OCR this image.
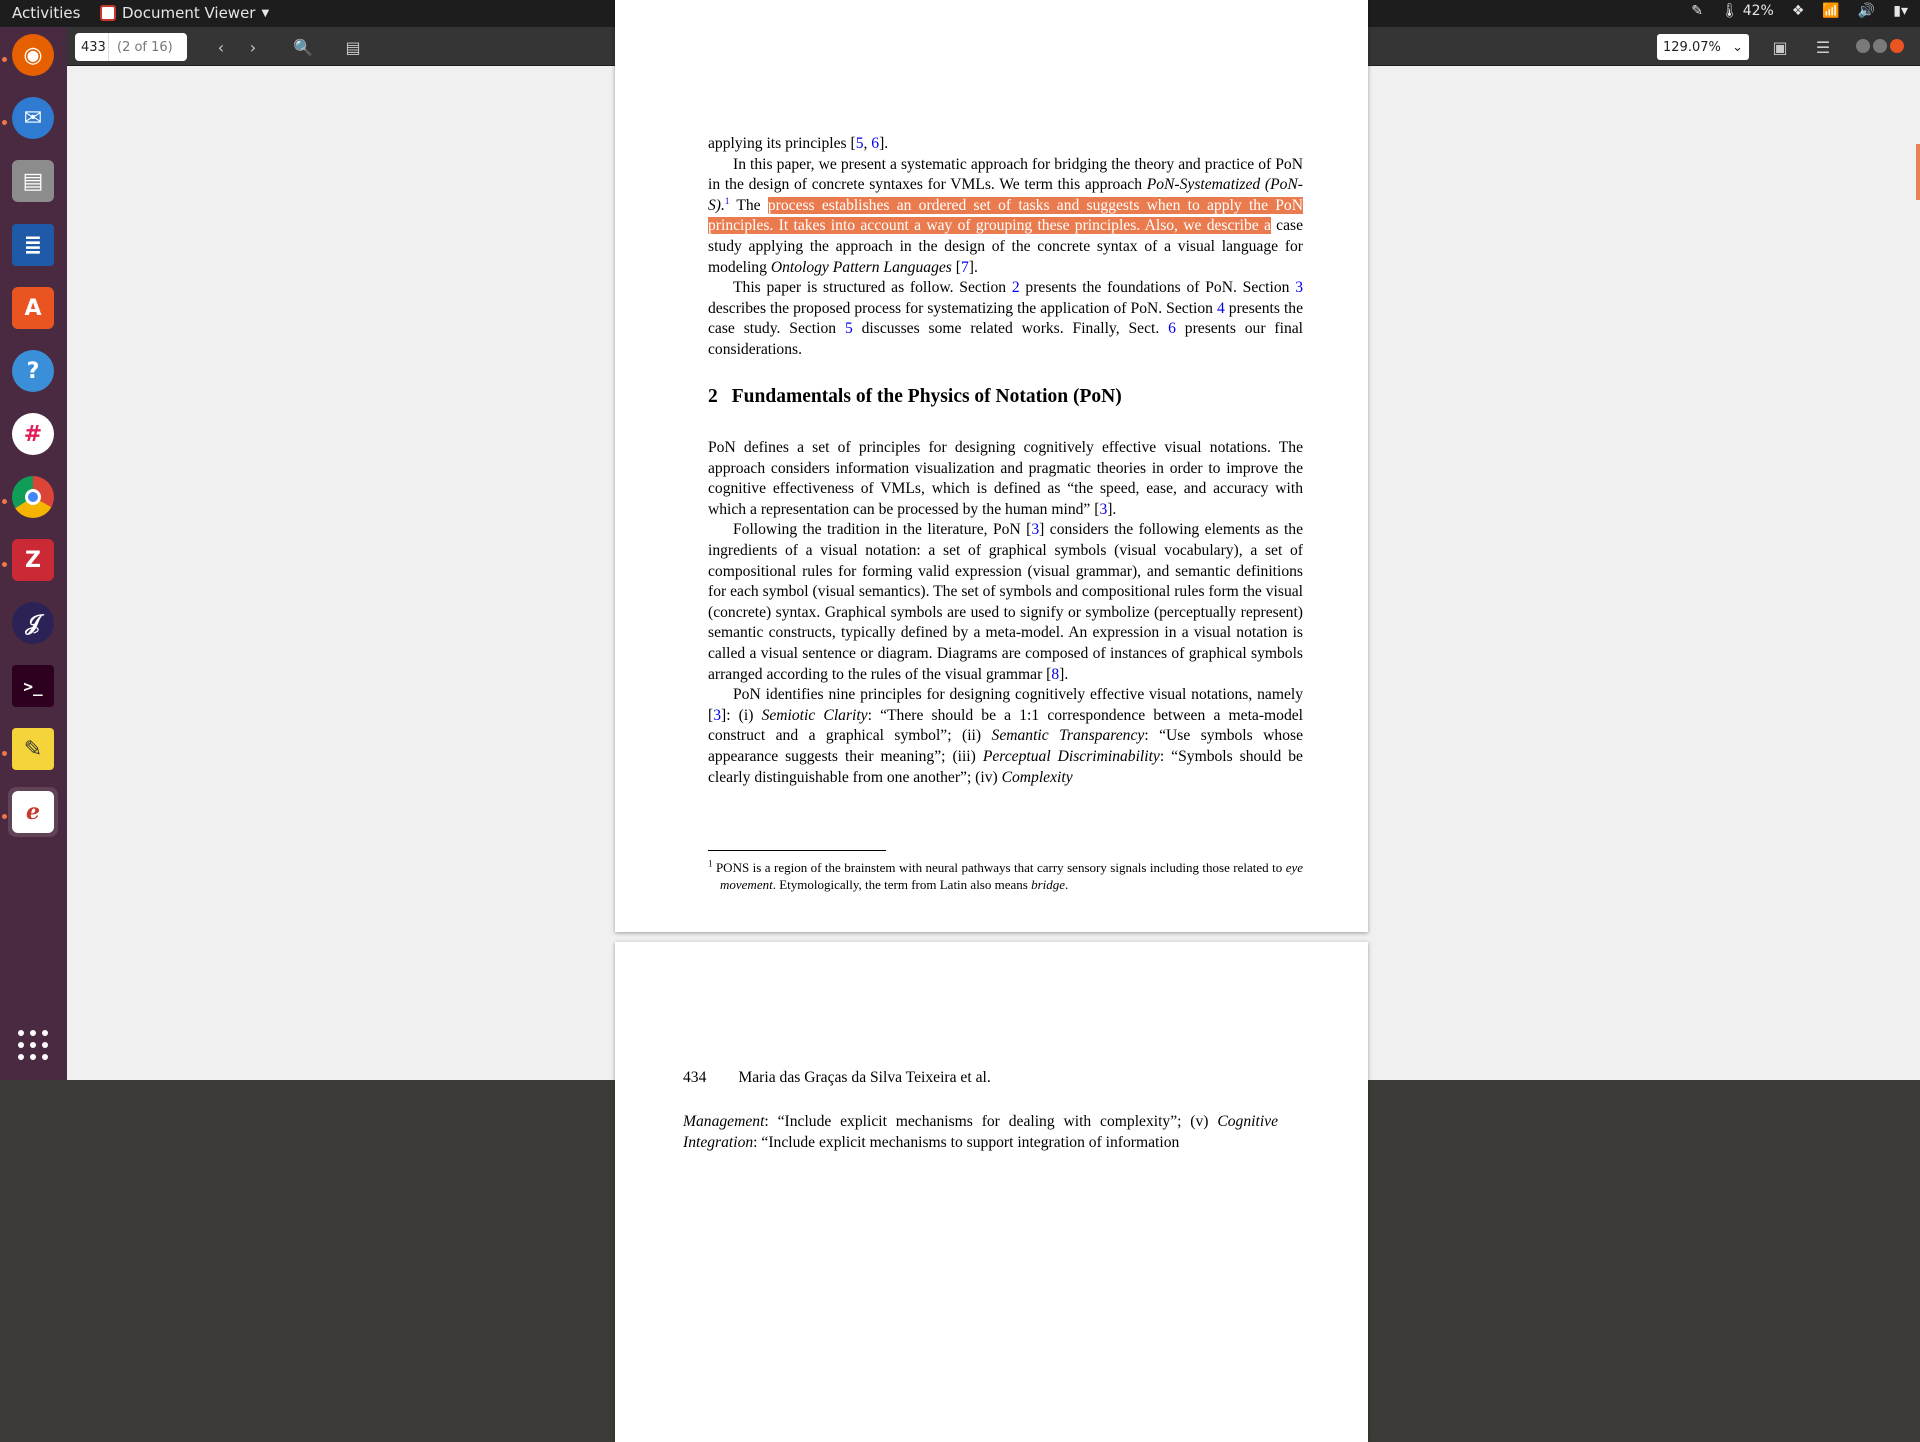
Activities	Document Viewer ▼	✎ 🌡 42% ❖ 📶 🔊 ▮▾
◉
✉
▤
≣
A
?
#
Z
𝒥
>_
✎
ℯ
433 (2 of 16)	‹ › 🔍 ▤	129.07% ⌄ ▣ ☰

applying its principles [5, 6].

In this paper, we present a systematic approach for bridging the theory and practice of PoN in the design of concrete syntaxes for VMLs. We term this approach PoN-Systematized (PoN-S).$^1$ The process establishes an ordered set of tasks and suggests when to apply the PoN principles. It takes into account a way of grouping these principles. Also, we describe a case study applying the approach in the design of the concrete syntax of a visual language for modeling Ontology Pattern Languages [7].

This paper is structured as follow. Section 2 presents the foundations of PoN. Section 3 describes the proposed process for systematizing the application of PoN. Section 4 presents the case study. Section 5 discusses some related works. Finally, Sect. 6 presents our final considerations.

2 Fundamentals of the Physics of Notation (PoN)

PoN defines a set of principles for designing cognitively effective visual notations. The approach considers information visualization and pragmatic theories in order to improve the cognitive effectiveness of VMLs, which is defined as “the speed, ease, and accuracy with which a representation can be processed by the human mind” [3].

Following the tradition in the literature, PoN [3] considers the following elements as the ingredients of a visual notation: a set of graphical symbols (visual vocabulary), a set of compositional rules for forming valid expression (visual grammar), and semantic definitions for each symbol (visual semantics). The set of symbols and compositional rules form the visual (concrete) syntax. Graphical symbols are used to signify or symbolize (perceptually represent) semantic constructs, typically defined by a meta-model. An expression in a visual notation is called a visual sentence or diagram. Diagrams are composed of instances of graphical symbols arranged according to the rules of the visual grammar [8].

PoN identifies nine principles for designing cognitively effective visual notations, namely [3]: (i) Semiotic Clarity: “There should be a 1:1 correspondence between a meta-model construct and a graphical symbol”; (ii) Semantic Transparency: “Use symbols whose appearance suggests their meaning”; (iii) Perceptual Discriminability: “Symbols should be clearly distinguishable from one another”; (iv) Complexity

$^1$ PONS is a region of the brainstem with neural pathways that carry sensory signals including those related to eye movement. Etymologically, the term from Latin also means bridge.
434 Maria das Graças da Silva Teixeira et al.

Management: “Include explicit mechanisms for dealing with complexity”; (v) Cognitive Integration: “Include explicit mechanisms to support integration of information
